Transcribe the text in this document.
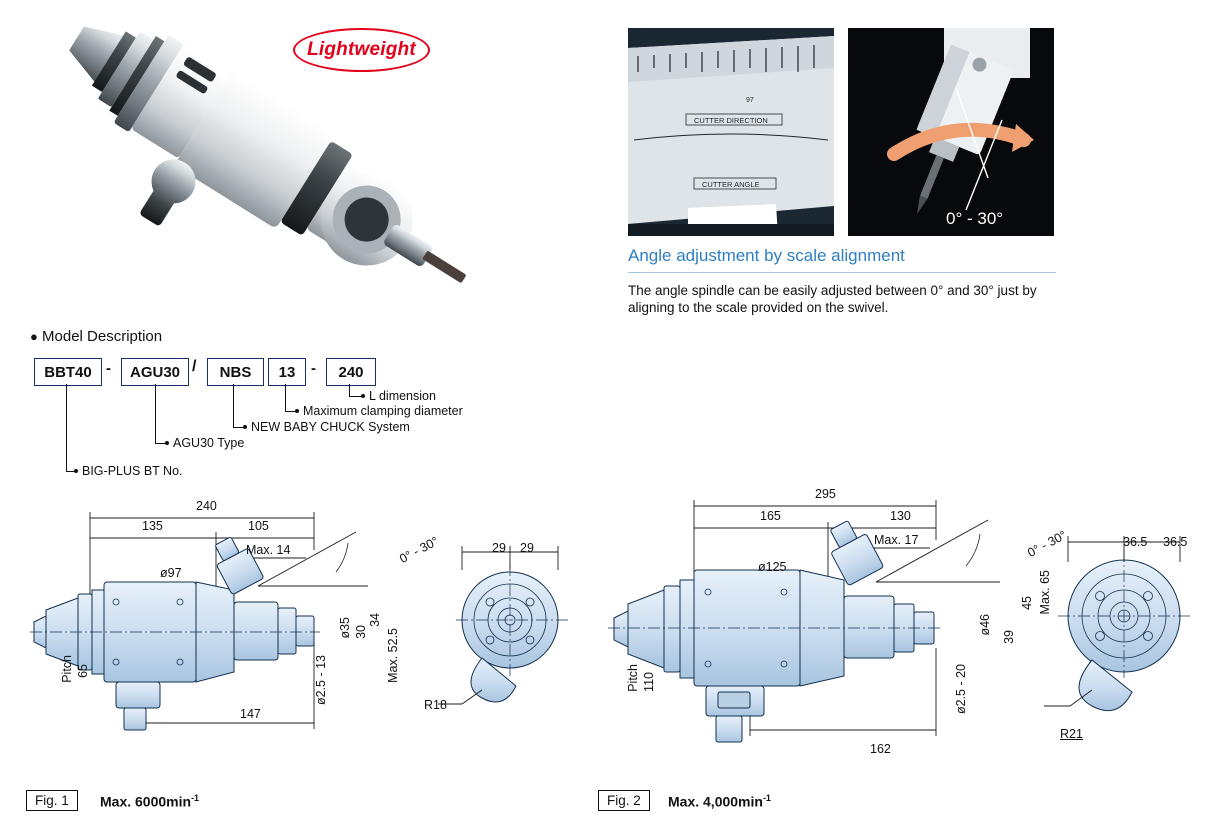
Lightweight
● Model Description
BBT40 -	AGU30 /	NBS	13	-	240
L dimension
Maximum clamping diameter
NEW BABY CHUCK System
AGU30 Type
BIG-PLUS BT No.
97
CUTTER DIRECTION
CUTTER ANGLE
0° - 30°
Angle adjustment by scale alignment
The angle spindle can be easily adjusted between 0° and 30° just by aligning to the scale provided on the swivel.
240
135	105
Max. 14	0° - 30°
ø97
ø35 30
34
Max. 52.5
ø2.5 - 13
Pitch 65
147
29 29
R18
Fig. 1	Max. $6000\min^{-1}$
295
165	130
Max. 17	0° - 30°
ø125
ø46
39
45 Max. 65
ø2.5 - 20
Pitch 110
162
36.5 36.5
R21
Fig. 2	Max. $4,000\min^{-1}$
